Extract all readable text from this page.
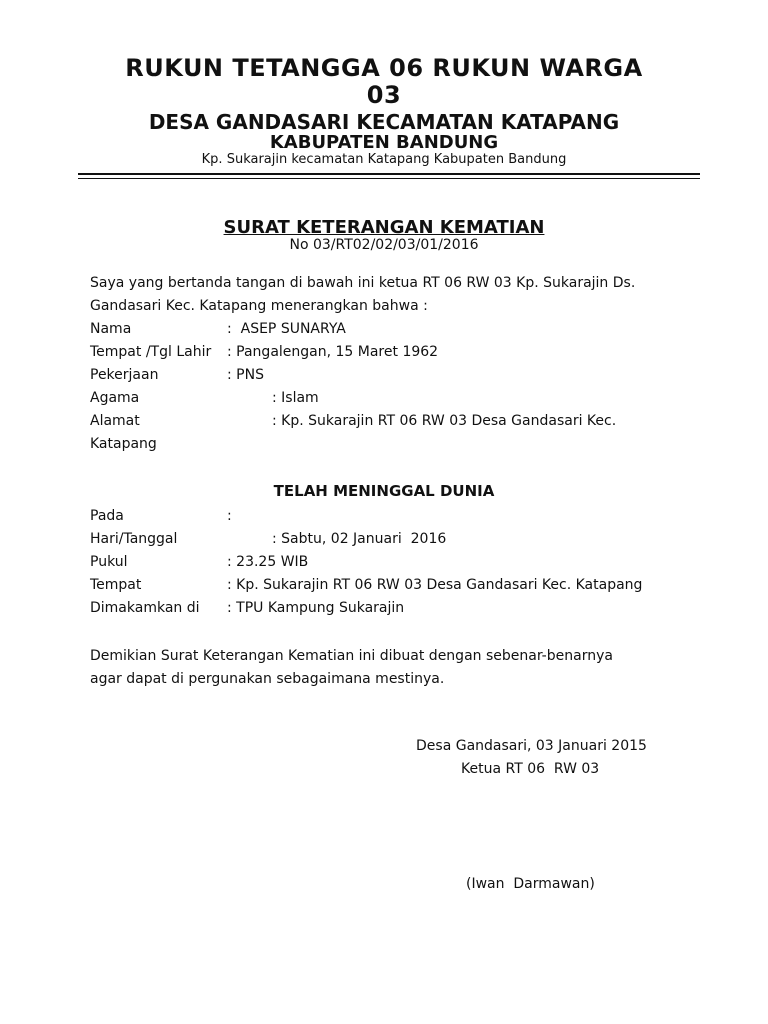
RUKUN TETANGGA 06 RUKUN WARGA
03
DESA GANDASARI KECAMATAN KATAPANG
KABUPATEN BANDUNG
Kp. Sukarajin kecamatan Katapang Kabupaten Bandung
SURAT KETERANGAN KEMATIAN
No 03/RT02/02/03/01/2016
Saya yang bertanda tangan di bawah ini ketua RT 06 RW 03 Kp. Sukarajin Ds.
Gandasari Kec. Katapang menerangkan bahwa :
Nama	:  ASEP SUNARYA
Tempat /Tgl Lahir : Pangalengan, 15 Maret 1962
Pekerjaan	: PNS
Agama	: Islam
Alamat	: Kp. Sukarajin RT 06 RW 03 Desa Gandasari Kec.
Katapang
TELAH MENINGGAL DUNIA
Pada	:
Hari/Tanggal	: Sabtu, 02 Januari  2016
Pukul	: 23.25 WIB
Tempat	: Kp. Sukarajin RT 06 RW 03 Desa Gandasari Kec. Katapang
Dimakamkan di : TPU Kampung Sukarajin
Demikian Surat Keterangan Kematian ini dibuat dengan sebenar-benarnya
agar dapat di pergunakan sebagaimana mestinya.
Desa Gandasari, 03 Januari 2015
Ketua RT 06  RW 03
(Iwan  Darmawan)
